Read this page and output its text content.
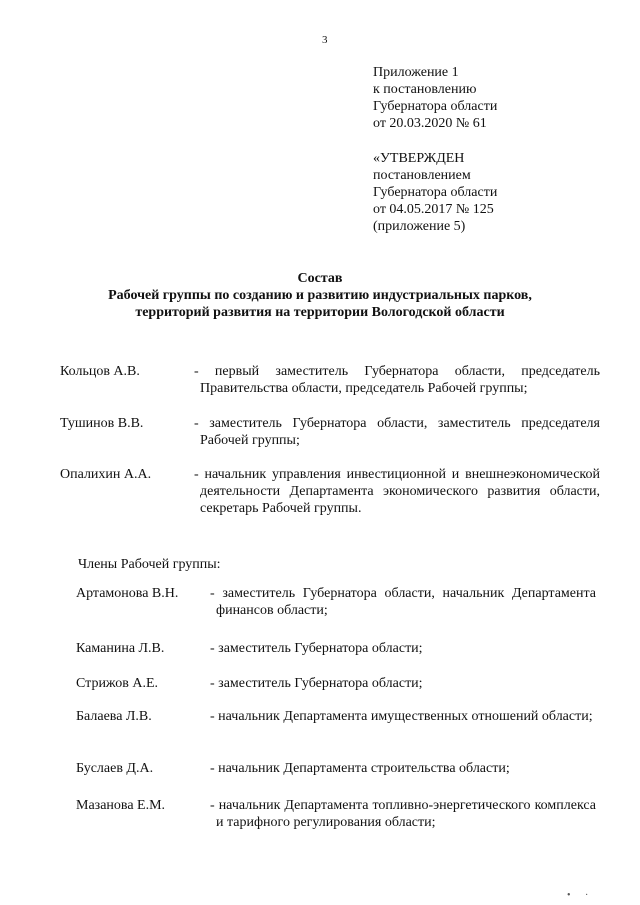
3
Приложение 1
к постановлению
Губернатора области
от 20.03.2020 № 61
«УТВЕРЖДЕН
постановлением
Губернатора области
от 04.05.2017 № 125
(приложение 5)
Состав
Рабочей группы по созданию и развитию индустриальных парков,
территорий развития на территории Вологодской области
Кольцов А.В.	- первый заместитель Губернатора области, председатель Правительства области, председатель Рабочей группы;
Тушинов В.В.	- заместитель Губернатора области, заместитель председателя Рабочей группы;
Опалихин А.А.	- начальник управления инвестиционной и внешнеэкономической деятельности Департамента экономического развития области, секретарь Рабочей группы.
Члены Рабочей группы:
Артамонова В.Н.	- заместитель Губернатора области, начальник Департамента финансов области;
Каманина Л.В.	- заместитель Губернатора области;
Стрижов А.Е.	- заместитель Губернатора области;
Балаева Л.В.	- начальник Департамента имущественных отношений области;
Буслаев Д.А.	- начальник Департамента строительства области;
Мазанова Е.М.	- начальник Департамента топливно-энергетического комплекса и тарифного регулирования области;
• ·
